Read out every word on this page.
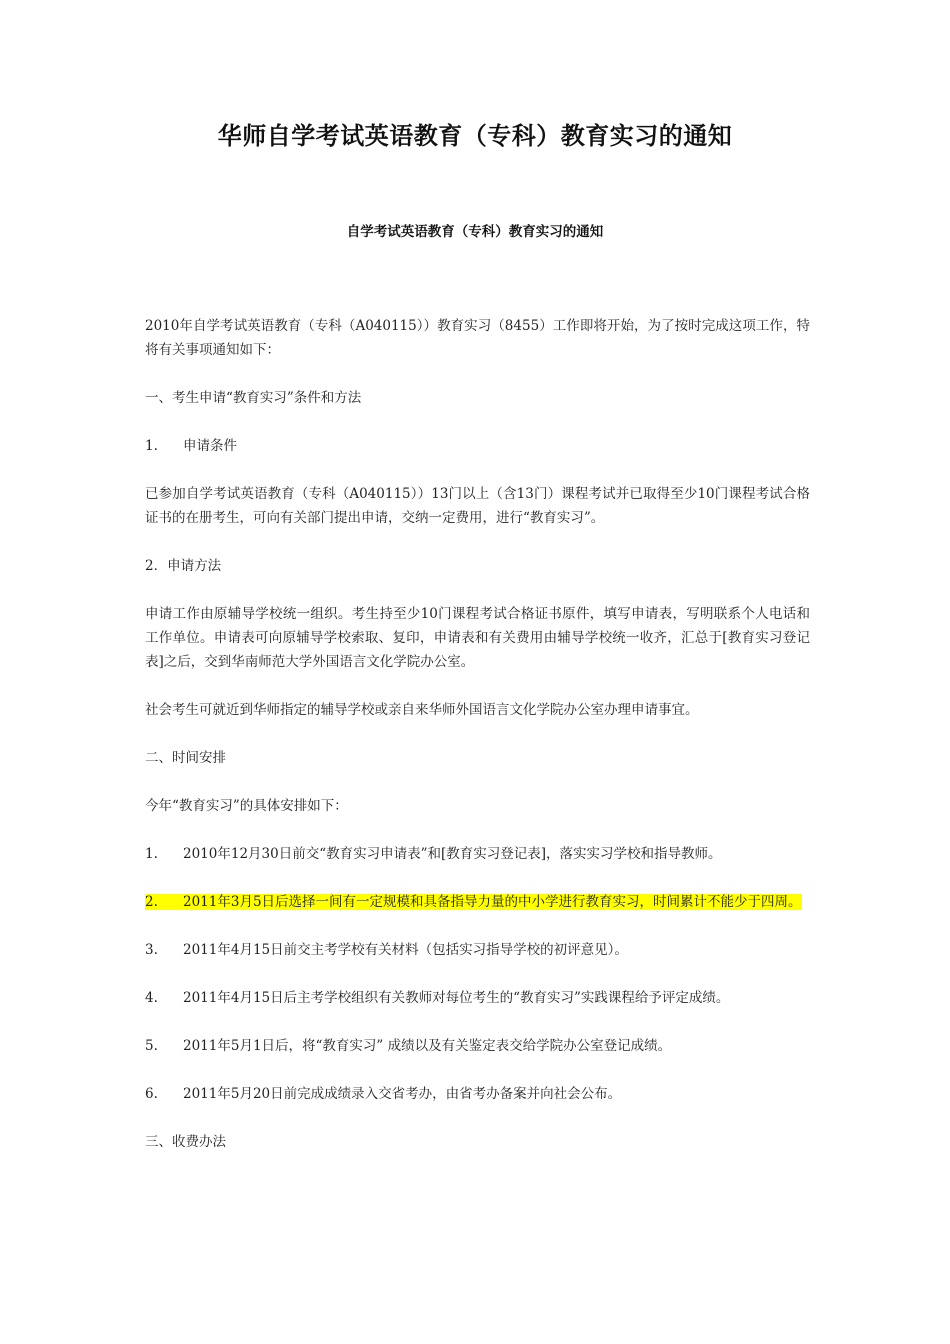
华师自学考试英语教育（专科）教育实习的通知
自学考试英语教育（专科）教育实习的通知

2010年自学考试英语教育（专科（A040115））教育实习（8455）工作即将开始，为了按时完成这项工作，特将有关事项通知如下：

一、考生申请“教育实习”条件和方法

1. 申请条件

已参加自学考试英语教育（专科（A040115））13门以上（含13门）课程考试并已取得至少10门课程考试合格证书的在册考生，可向有关部门提出申请，交纳一定费用，进行“教育实习”。

2．申请方法

申请工作由原辅导学校统一组织。考生持至少10门课程考试合格证书原件，填写申请表，写明联系个人电话和工作单位。申请表可向原辅导学校索取、复印，申请表和有关费用由辅导学校统一收齐，汇总于[教育实习登记表]之后，交到华南师范大学外国语言文化学院办公室。

社会考生可就近到华师指定的辅导学校或亲自来华师外国语言文化学院办公室办理申请事宜。

二、时间安排

今年“教育实习”的具体安排如下：

1. 2010年12月30日前交“教育实习申请表”和[教育实习登记表]，落实实习学校和指导教师。

2. 2011年3月5日后选择一间有一定规模和具备指导力量的中小学进行教育实习，时间累计不能少于四周。

3. 2011年4月15日前交主考学校有关材料（包括实习指导学校的初评意见）。

4. 2011年4月15日后主考学校组织有关教师对每位考生的“教育实习”实践课程给予评定成绩。

5. 2011年5月1日后，将“教育实习” 成绩以及有关鉴定表交给学院办公室登记成绩。

6. 2011年5月20日前完成成绩录入交省考办，由省考办备案并向社会公布。

三、收费办法
